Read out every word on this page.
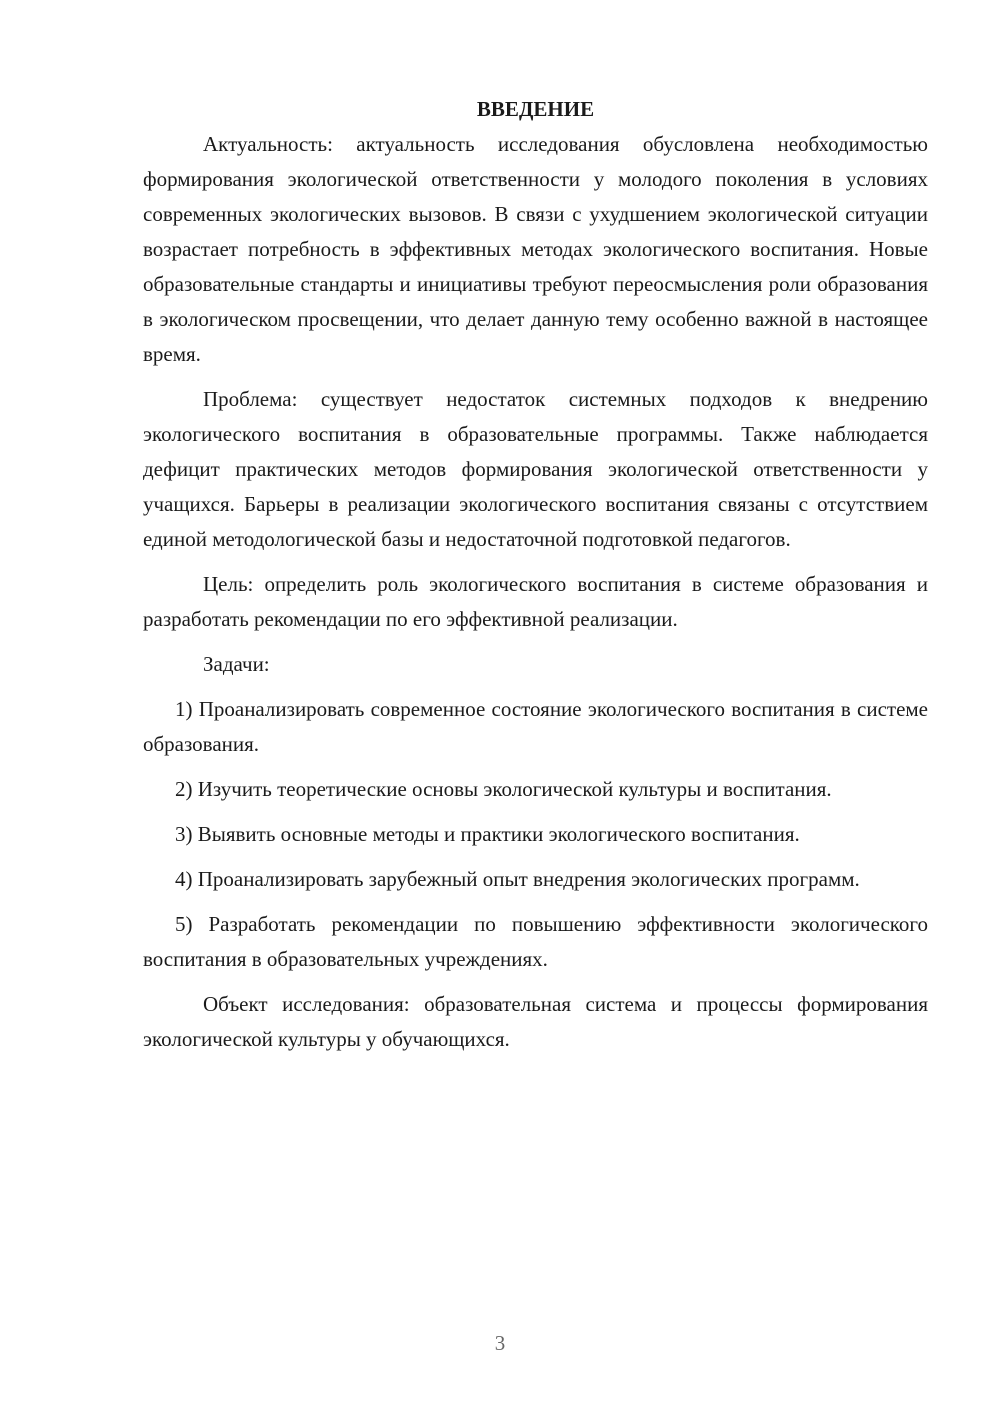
ВВЕДЕНИЕ

Актуальность: актуальность исследования обусловлена необходимостью формирования экологической ответственности у молодого поколения в условиях современных экологических вызовов. В связи с ухудшением экологической ситуации возрастает потребность в эффективных методах экологического воспитания. Новые образовательные стандарты и инициативы требуют переосмысления роли образования в экологическом просвещении, что делает данную тему особенно важной в настоящее время.

Проблема: существует недостаток системных подходов к внедрению экологического воспитания в образовательные программы. Также наблюдается дефицит практических методов формирования экологической ответственности у учащихся. Барьеры в реализации экологического воспитания связаны с отсутствием единой методологической базы и недостаточной подготовкой педагогов.

Цель: определить роль экологического воспитания в системе образования и разработать рекомендации по его эффективной реализации.

Задачи:

1) Проанализировать современное состояние экологического воспитания в системе образования.

2) Изучить теоретические основы экологической культуры и воспитания.

3) Выявить основные методы и практики экологического воспитания.

4) Проанализировать зарубежный опыт внедрения экологических программ.

5) Разработать рекомендации по повышению эффективности экологического воспитания в образовательных учреждениях.

Объект исследования: образовательная система и процессы формирования экологической культуры у обучающихся.

3
